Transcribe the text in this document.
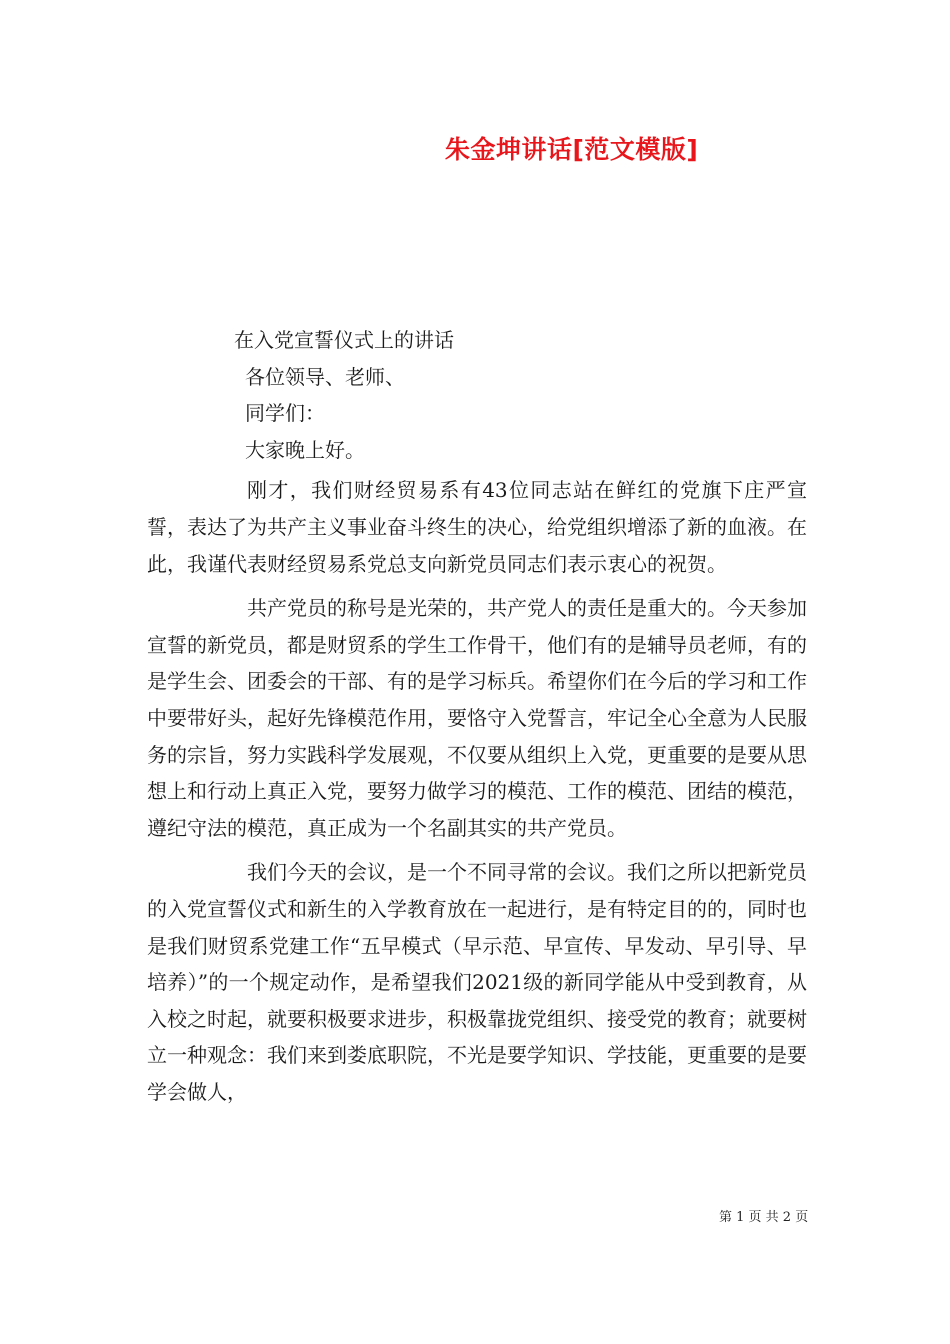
朱金坤讲话[范文模版]

在入党宣誓仪式上的讲话

各位领导、老师、

同学们：

大家晚上好。

刚才，我们财经贸易系有43位同志站在鲜红的党旗下庄严宣誓，表达了为共产主义事业奋斗终生的决心，给党组织增添了新的血液。在此，我谨代表财经贸易系党总支向新党员同志们表示衷心的祝贺。

共产党员的称号是光荣的，共产党人的责任是重大的。今天参加宣誓的新党员，都是财贸系的学生工作骨干，他们有的是辅导员老师，有的是学生会、团委会的干部、有的是学习标兵。希望你们在今后的学习和工作中要带好头，起好先锋模范作用，要恪守入党誓言，牢记全心全意为人民服务的宗旨，努力实践科学发展观，不仅要从组织上入党，更重要的是要从思想上和行动上真正入党，要努力做学习的模范、工作的模范、团结的模范，遵纪守法的模范，真正成为一个名副其实的共产党员。

我们今天的会议，是一个不同寻常的会议。我们之所以把新党员的入党宣誓仪式和新生的入学教育放在一起进行，是有特定目的的，同时也是我们财贸系党建工作“五早模式（早示范、早宣传、早发动、早引导、早培养）”的一个规定动作，是希望我们2021级的新同学能从中受到教育，从入校之时起，就要积极要求进步，积极靠拢党组织、接受党的教育；就要树立一种观念：我们来到娄底职院，不光是要学知识、学技能，更重要的是要学会做人，

第 1 页 共 2 页
